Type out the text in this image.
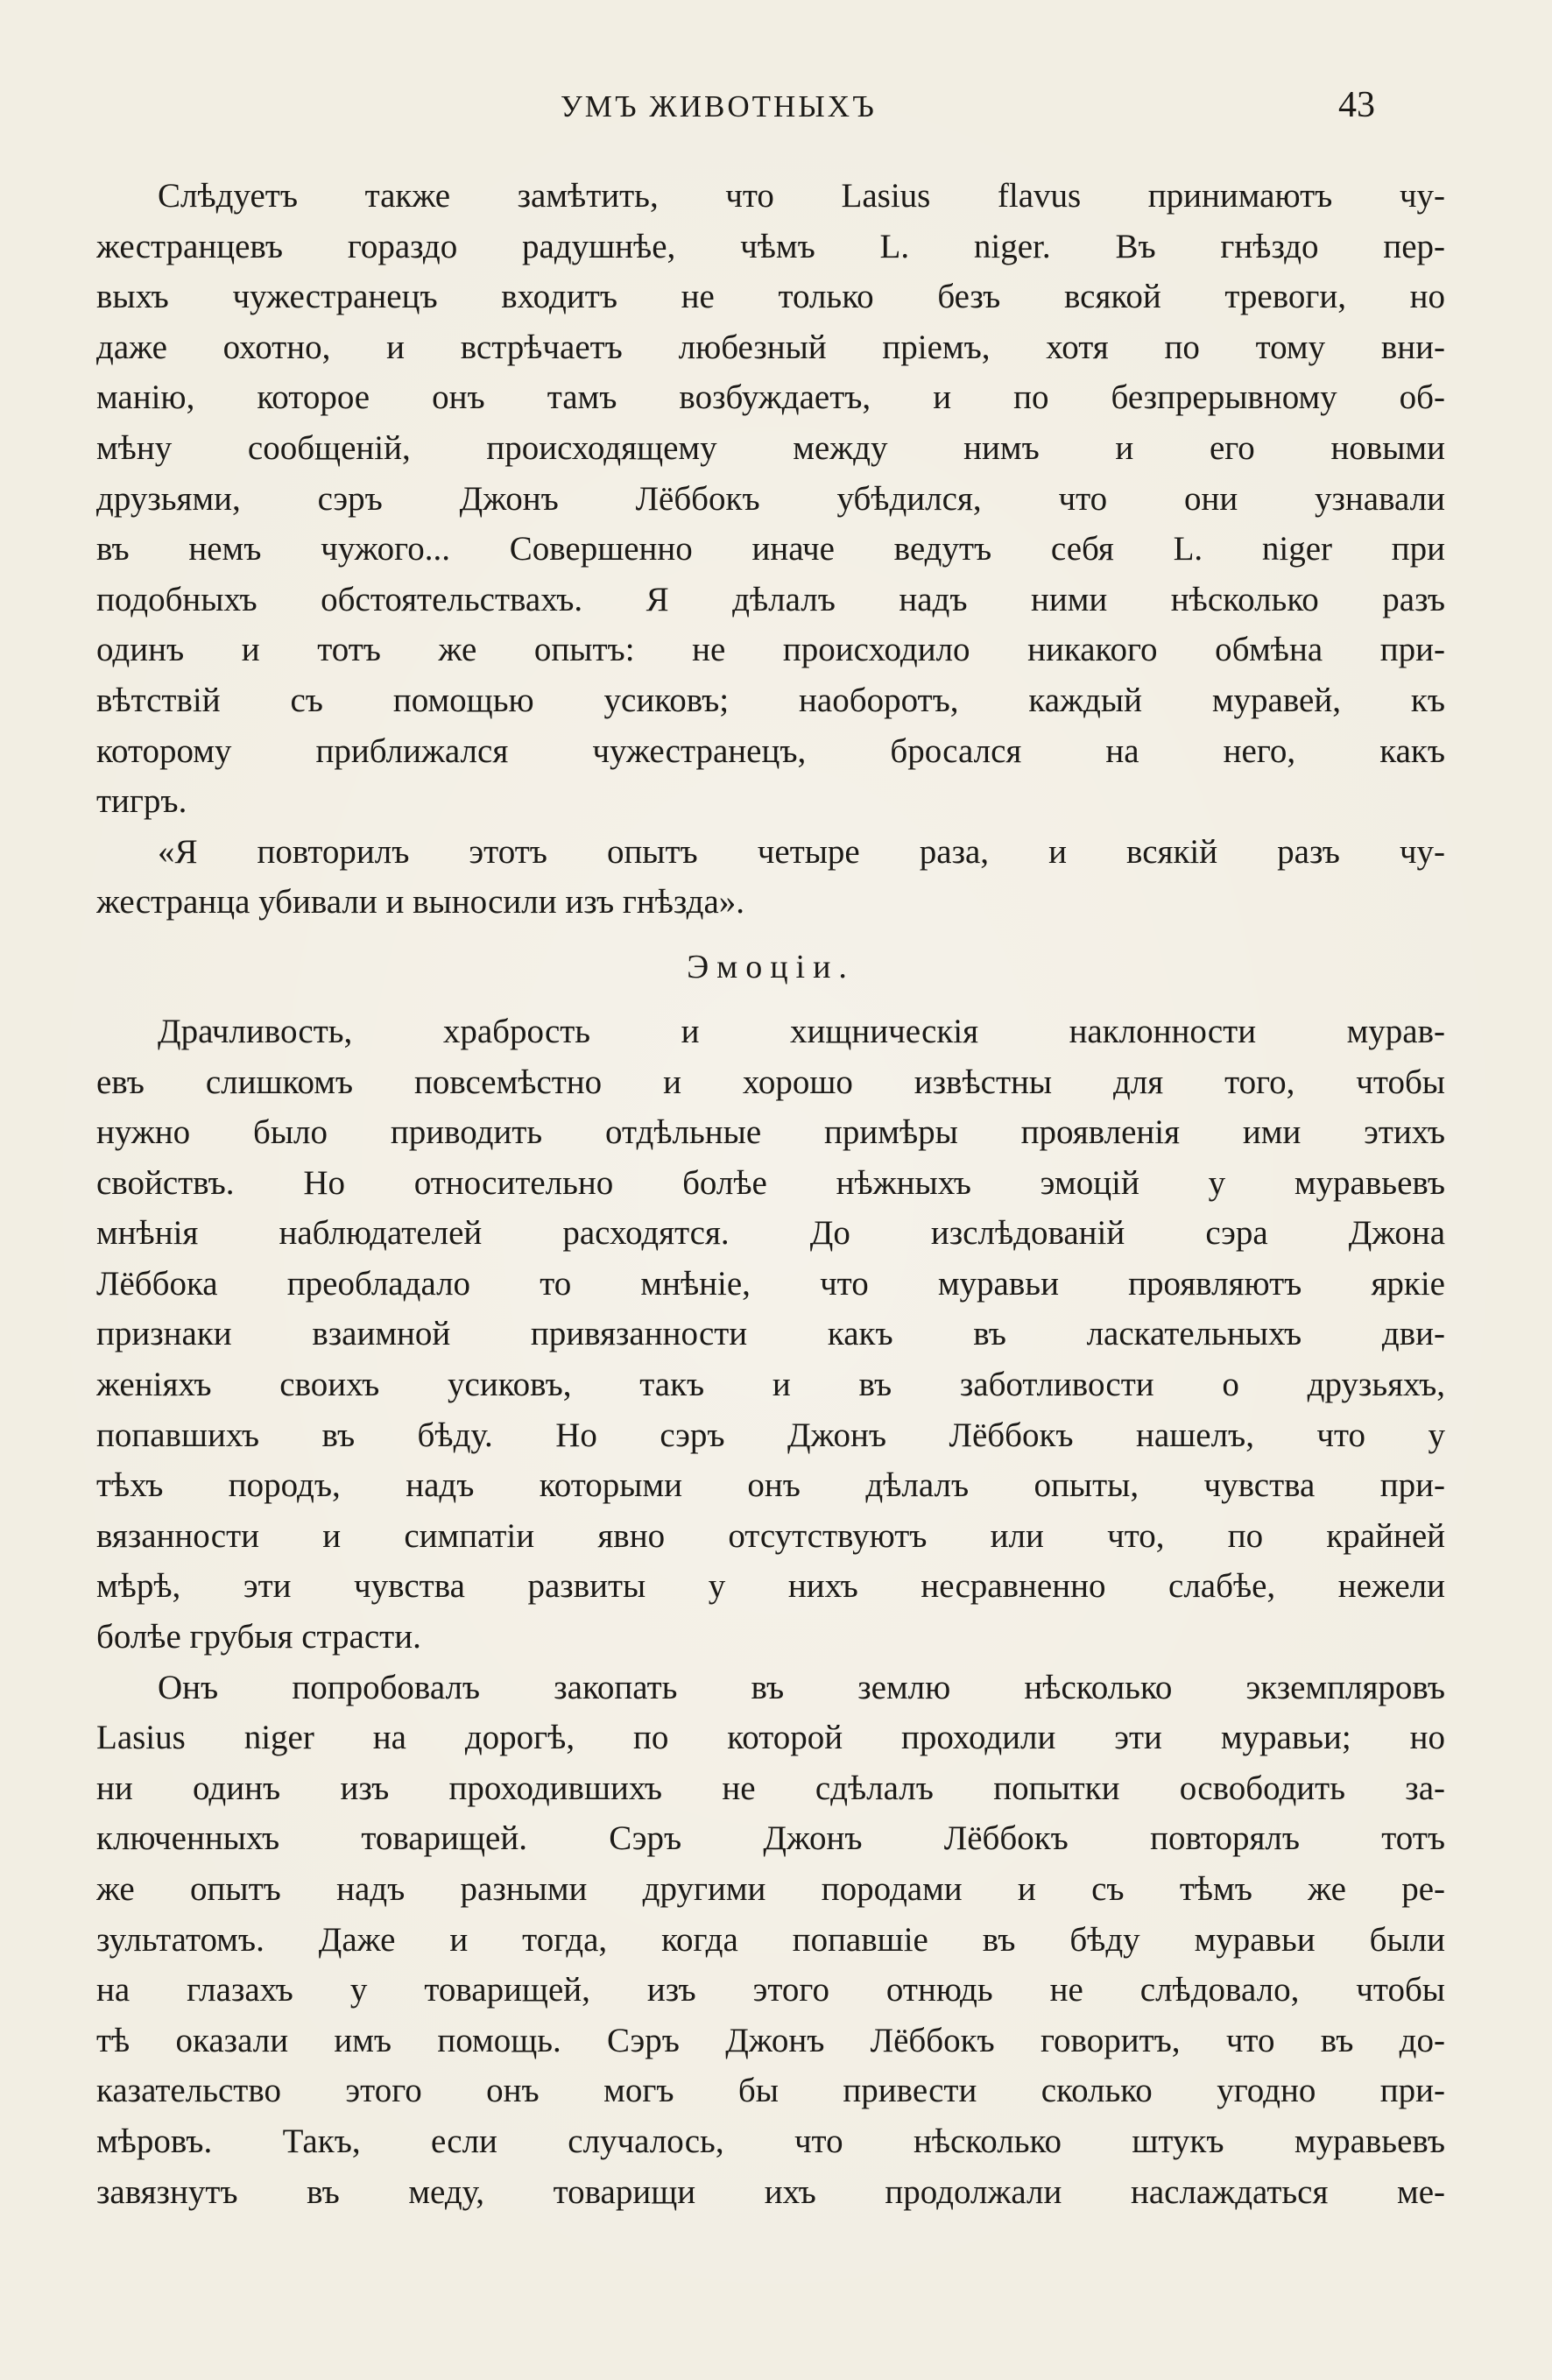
УМЪ ЖИВОТНЫХЪ	43
Слѣдуетъ также замѣтить, что Lasius flavus принимаютъ чу-
жестранцевъ гораздо радушнѣе, чѣмъ L. niger. Въ гнѣздо пер-
выхъ чужестранецъ входитъ не только безъ всякой тревоги, но
даже охотно, и встрѣчаетъ любезный пріемъ, хотя по тому вни-
манію, которое онъ тамъ возбуждаетъ, и по безпрерывному об-
мѣну сообщеній, происходящему между нимъ и его новыми
друзьями, сэръ Джонъ Лёббокъ убѣдился, что они узнавали
въ немъ чужого... Совершенно иначе ведутъ себя L. niger при
подобныхъ обстоятельствахъ. Я дѣлалъ надъ ними нѣсколько разъ
одинъ и тотъ же опытъ: не происходило никакого обмѣна при-
вѣтствій съ помощью усиковъ; наоборотъ, каждый муравей, къ
которому приближался чужестранецъ, бросался на него, какъ
тигръ.
«Я повторилъ этотъ опытъ четыре раза, и всякій разъ чу-
жестранца убивали и выносили изъ гнѣзда».
Эмоціи.
Драчливость, храбрость и хищническія наклонности мурав-
евъ слишкомъ повсемѣстно и хорошо извѣстны для того, чтобы
нужно было приводить отдѣльные примѣры проявленія ими этихъ
свойствъ. Но относительно болѣе нѣжныхъ эмоцій у муравьевъ
мнѣнія наблюдателей расходятся. До изслѣдованій сэра Джона
Лёббока преобладало то мнѣніе, что муравьи проявляютъ яркіе
признаки взаимной привязанности какъ въ ласкательныхъ дви-
женіяхъ своихъ усиковъ, такъ и въ заботливости о друзьяхъ,
попавшихъ въ бѣду. Но сэръ Джонъ Лёббокъ нашелъ, что у
тѣхъ породъ, надъ которыми онъ дѣлалъ опыты, чувства при-
вязанности и симпатіи явно отсутствуютъ или что, по крайней
мѣрѣ, эти чувства развиты у нихъ несравненно слабѣе, нежели
болѣе грубыя страсти.
Онъ попробовалъ закопать въ землю нѣсколько экземпляровъ
Lasius niger на дорогѣ, по которой проходили эти муравьи; но
ни одинъ изъ проходившихъ не сдѣлалъ попытки освободить за-
ключенныхъ товарищей. Сэръ Джонъ Лёббокъ повторялъ тотъ
же опытъ надъ разными другими породами и съ тѣмъ же ре-
зультатомъ. Даже и тогда, когда попавшіе въ бѣду муравьи были
на глазахъ у товарищей, изъ этого отнюдь не слѣдовало, чтобы
тѣ оказали имъ помощь. Сэръ Джонъ Лёббокъ говоритъ, что въ до-
казательство этого онъ могъ бы привести сколько угодно при-
мѣровъ. Такъ, если случалось, что нѣсколько штукъ муравьевъ
завязнутъ въ меду, товарищи ихъ продолжали наслаждаться ме-
